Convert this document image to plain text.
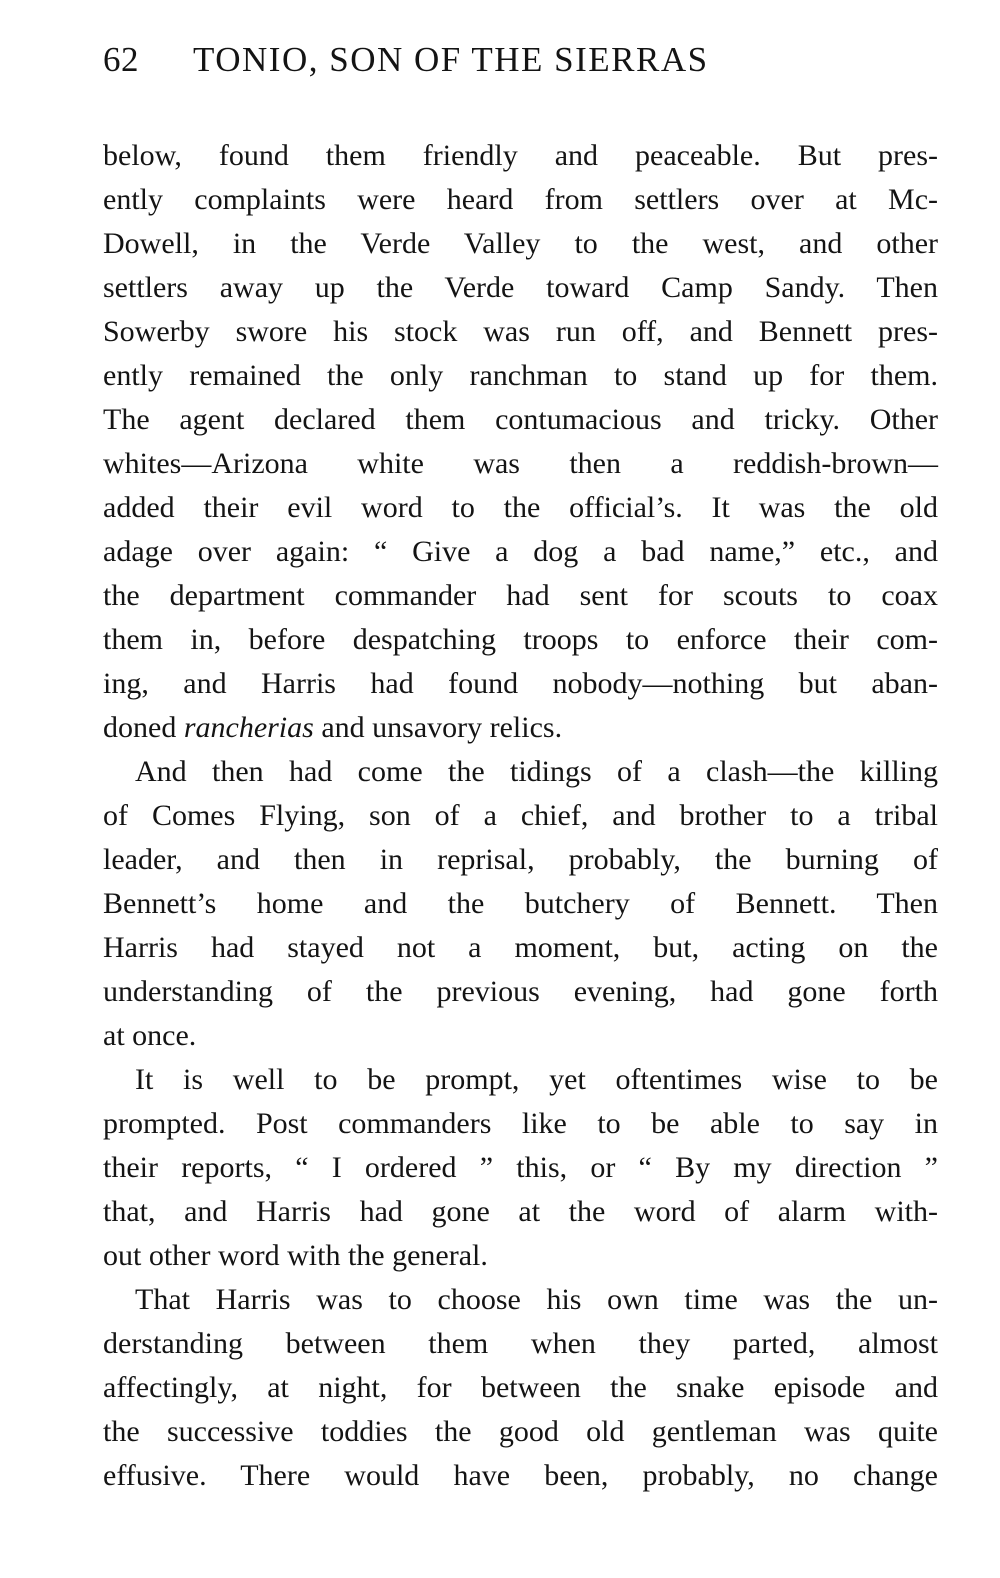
62	TONIO, SON OF THE SIERRAS
below, found them friendly and peaceable. But pres-
ently complaints were heard from settlers over at Mc-
Dowell, in the Verde Valley to the west, and other
settlers away up the Verde toward Camp Sandy. Then
Sowerby swore his stock was run off, and Bennett pres-
ently remained the only ranchman to stand up for them.
The agent declared them contumacious and tricky. Other
whites—Arizona white was then a reddish-brown—
added their evil word to the official’s. It was the old
adage over again: “ Give a dog a bad name,” etc., and
the department commander had sent for scouts to coax
them in, before despatching troops to enforce their com-
ing, and Harris had found nobody—nothing but aban-
doned rancherias and unsavory relics.
And then had come the tidings of a clash—the killing
of Comes Flying, son of a chief, and brother to a tribal
leader, and then in reprisal, probably, the burning of
Bennett’s home and the butchery of Bennett. Then
Harris had stayed not a moment, but, acting on the
understanding of the previous evening, had gone forth
at once.
It is well to be prompt, yet oftentimes wise to be
prompted. Post commanders like to be able to say in
their reports, “ I ordered ” this, or “ By my direction ”
that, and Harris had gone at the word of alarm with-
out other word with the general.
That Harris was to choose his own time was the un-
derstanding between them when they parted, almost
affectingly, at night, for between the snake episode and
the successive toddies the good old gentleman was quite
effusive. There would have been, probably, no change
